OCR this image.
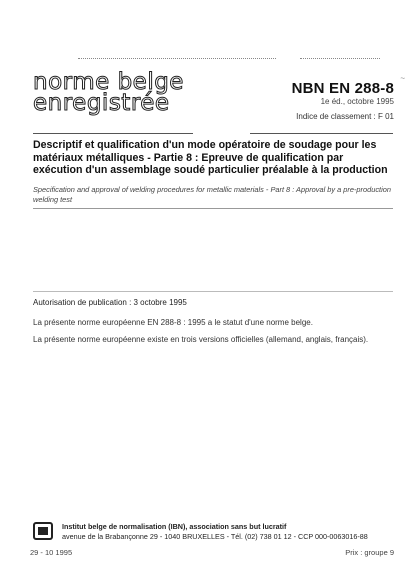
norme belge
enregistrée
~
NBN EN 288-8
1e éd., octobre 1995
Indice de classement : F 01
Descriptif et qualification d'un mode opératoire de soudage pour les matériaux métalliques - Partie 8 : Epreuve de qualification par exécution d'un assemblage soudé particulier préalable à la production
Specification and approval of welding procedures for metallic materials - Part 8 : Approval by a pre-production welding test
Autorisation de publication : 3 octobre 1995
La présente norme européenne EN 288-8 : 1995 a le statut d'une norme belge.
La présente norme européenne existe en trois versions officielles (allemand, anglais, français).
Institut belge de normalisation (IBN), association sans but lucratif
avenue de la Brabançonne 29 - 1040 BRUXELLES - Tél. (02) 738 01 12 - CCP 000-0063016-88
29 - 10 1995	Prix : groupe 9
